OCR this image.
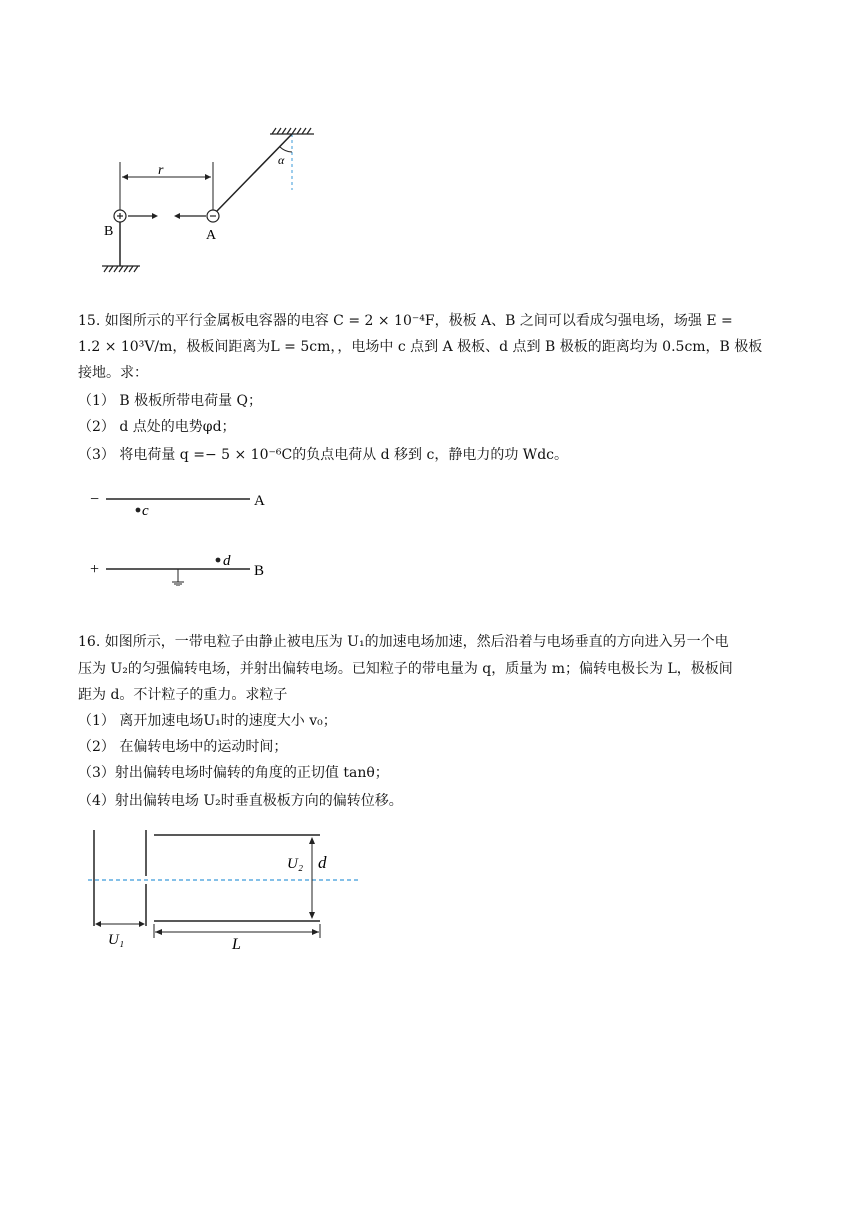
α
r
B	A
15. 如图所示的平行金属板电容器的电容 C = 2 × 10⁻⁴F，极板 A、B 之间可以看成匀强电场，场强 E =
1.2 × 10³V/m，极板间距离为L = 5cm，，电场中 c 点到 A 极板、d 点到 B 极板的距离均为 0.5cm，B 极板
接地。求：
（1） B 极板所带电荷量 Q；
（2） d 点处的电势φd；
（3） 将电荷量 q =− 5 × 10⁻⁶C的负点电荷从 d 移到 c，静电力的功 Wdc。
−	A
c
+	B
d
16. 如图所示，一带电粒子由静止被电压为 U₁的加速电场加速，然后沿着与电场垂直的方向进入另一个电
压为 U₂的匀强偏转电场，并射出偏转电场。已知粒子的带电量为 q，质量为 m；偏转电极长为 L，极板间
距为 d。不计粒子的重力。求粒子
（1） 离开加速电场U₁时的速度大小 v₀；
（2） 在偏转电场中的运动时间；
（3）射出偏转电场时偏转的角度的正切值 tanθ；
（4）射出偏转电场 U₂时垂直极板方向的偏转位移。
U₂ d
U₁	L
